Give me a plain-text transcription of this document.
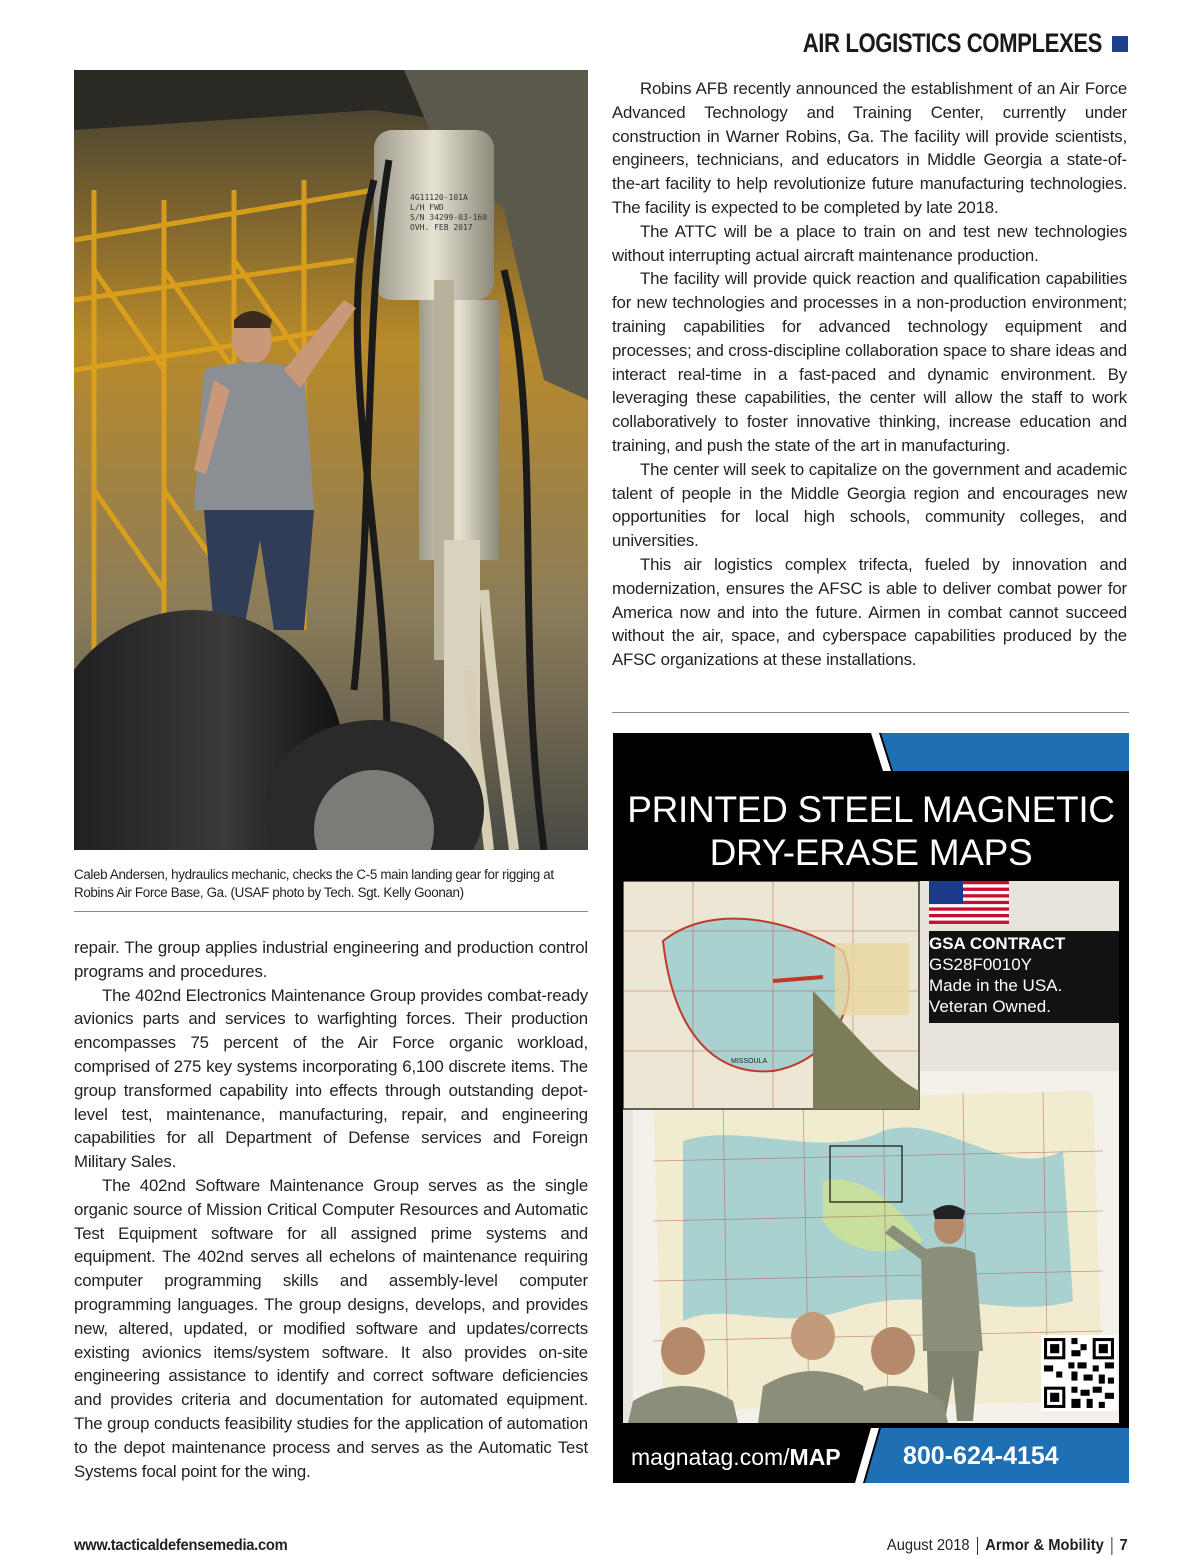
AIR LOGISTICS COMPLEXES
4G11120-101A
L/H FWD
S/N 34299-03-160
OVH. FEB 2017
Caleb Andersen, hydraulics mechanic, checks the C-5 main landing gear for rigging at Robins Air Force Base, Ga. (USAF photo by Tech. Sgt. Kelly Goonan)

repair. The group applies industrial engineering and production control programs and procedures.

The 402nd Electronics Maintenance Group provides combat-ready avionics parts and services to warfighting forces. Their production encompasses 75 percent of the Air Force organic workload, comprised of 275 key systems incorporating 6,100 discrete items. The group transformed capability into effects through outstanding depot-level test, maintenance, manufacturing, repair, and engineering capabilities for all Department of Defense services and Foreign Military Sales.

The 402nd Software Maintenance Group serves as the single organic source of Mission Critical Computer Resources and Automatic Test Equipment software for all assigned prime systems and equipment. The 402nd serves all echelons of maintenance requiring computer programming skills and assembly-level computer programming languages. The group designs, develops, and provides new, altered, updated, or modified software and updates/corrects existing avionics items/system software. It also provides on-site engineering assistance to identify and correct software deficiencies and provides criteria and documentation for automated equipment. The group conducts feasibility studies for the application of automation to the depot maintenance process and serves as the Automatic Test Systems focal point for the wing.

Robins AFB recently announced the establishment of an Air Force Advanced Technology and Training Center, currently under construction in Warner Robins, Ga. The facility will provide scientists, engineers, technicians, and educators in Middle Georgia a state-of-the-art facility to help revolutionize future manufacturing technologies. The facility is expected to be completed by late 2018.

The ATTC will be a place to train on and test new technologies without interrupting actual aircraft maintenance production.

The facility will provide quick reaction and qualification capabilities for new technologies and processes in a non-production environment; training capabilities for advanced technology equipment and processes; and cross-discipline collaboration space to share ideas and interact real-time in a fast-paced and dynamic environment. By leveraging these capabilities, the center will allow the staff to work collaboratively to foster innovative thinking, increase education and training, and push the state of the art in manufacturing.

The center will seek to capitalize on the government and academic talent of people in the Middle Georgia region and encourages new opportunities for local high schools, community colleges, and universities.

This air logistics complex trifecta, fueled by innovation and modernization, ensures the AFSC is able to deliver combat power for America now and into the future. Airmen in combat cannot succeed without the air, space, and cyberspace capabilities produced by the AFSC organizations at these installations.

PRINTED STEEL MAGNETIC
DRY-ERASE MAPS
MISSOULA
GSA CONTRACT
GS28F0010Y
Made in the USA.
Veteran Owned.
magnatag.com/MAP 800-624-4154
www.tacticaldefensemedia.com	August 2018 Armor & Mobility 7
